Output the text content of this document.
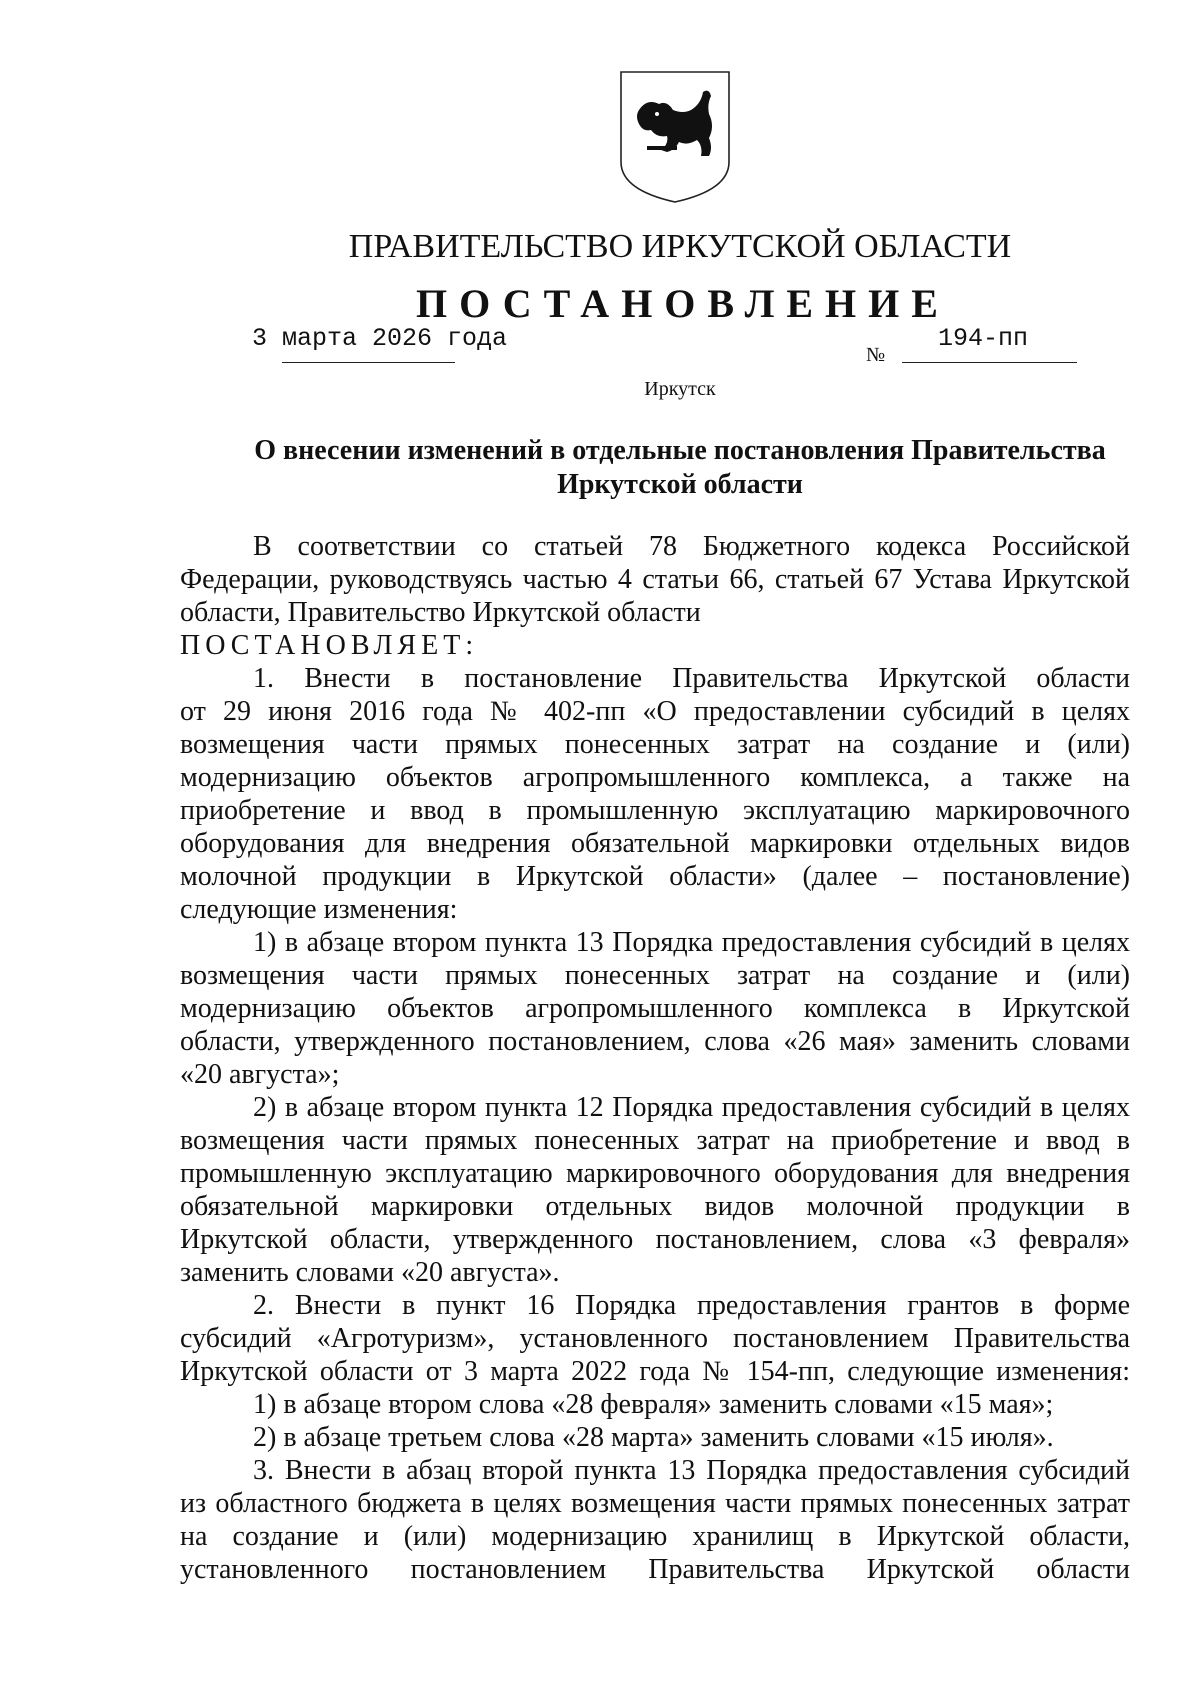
ПРАВИТЕЛЬСТВО ИРКУТСКОЙ ОБЛАСТИ
ПОСТАНОВЛЕНИЕ
3 марта 2026 года
№
194-пп
Иркутск
О внесении изменений в отдельные постановления Правительства
Иркутской области
В соответствии со статьей 78 Бюджетного кодекса Российской
Федерации, руководствуясь частью 4 статьи 66, статьей 67 Устава Иркутской
области, Правительство Иркутской области
ПОСТАНОВЛЯЕТ:
1. Внести в постановление Правительства Иркутской области
от 29 июня 2016 года № 402-пп «О предоставлении субсидий в целях
возмещения части прямых понесенных затрат на создание и (или)
модернизацию объектов агропромышленного комплекса, а также на
приобретение и ввод в промышленную эксплуатацию маркировочного
оборудования для внедрения обязательной маркировки отдельных видов
молочной продукции в Иркутской области» (далее – постановление)
следующие изменения:
1) в абзаце втором пункта 13 Порядка предоставления субсидий в целях
возмещения части прямых понесенных затрат на создание и (или)
модернизацию объектов агропромышленного комплекса в Иркутской
области, утвержденного постановлением, слова «26 мая» заменить словами
«20 августа»;
2) в абзаце втором пункта 12 Порядка предоставления субсидий в целях
возмещения части прямых понесенных затрат на приобретение и ввод в
промышленную эксплуатацию маркировочного оборудования для внедрения
обязательной маркировки отдельных видов молочной продукции в
Иркутской области, утвержденного постановлением, слова «3 февраля»
заменить словами «20 августа».
2. Внести в пункт 16 Порядка предоставления грантов в форме
субсидий «Агротуризм», установленного постановлением Правительства
Иркутской области от 3 марта 2022 года № 154-пп, следующие изменения:
1) в абзаце втором слова «28 февраля» заменить словами «15 мая»;
2) в абзаце третьем слова «28 марта» заменить словами «15 июля».
3. Внести в абзац второй пункта 13 Порядка предоставления субсидий
из областного бюджета в целях возмещения части прямых понесенных затрат
на создание и (или) модернизацию хранилищ в Иркутской области,
установленного постановлением Правительства Иркутской области
